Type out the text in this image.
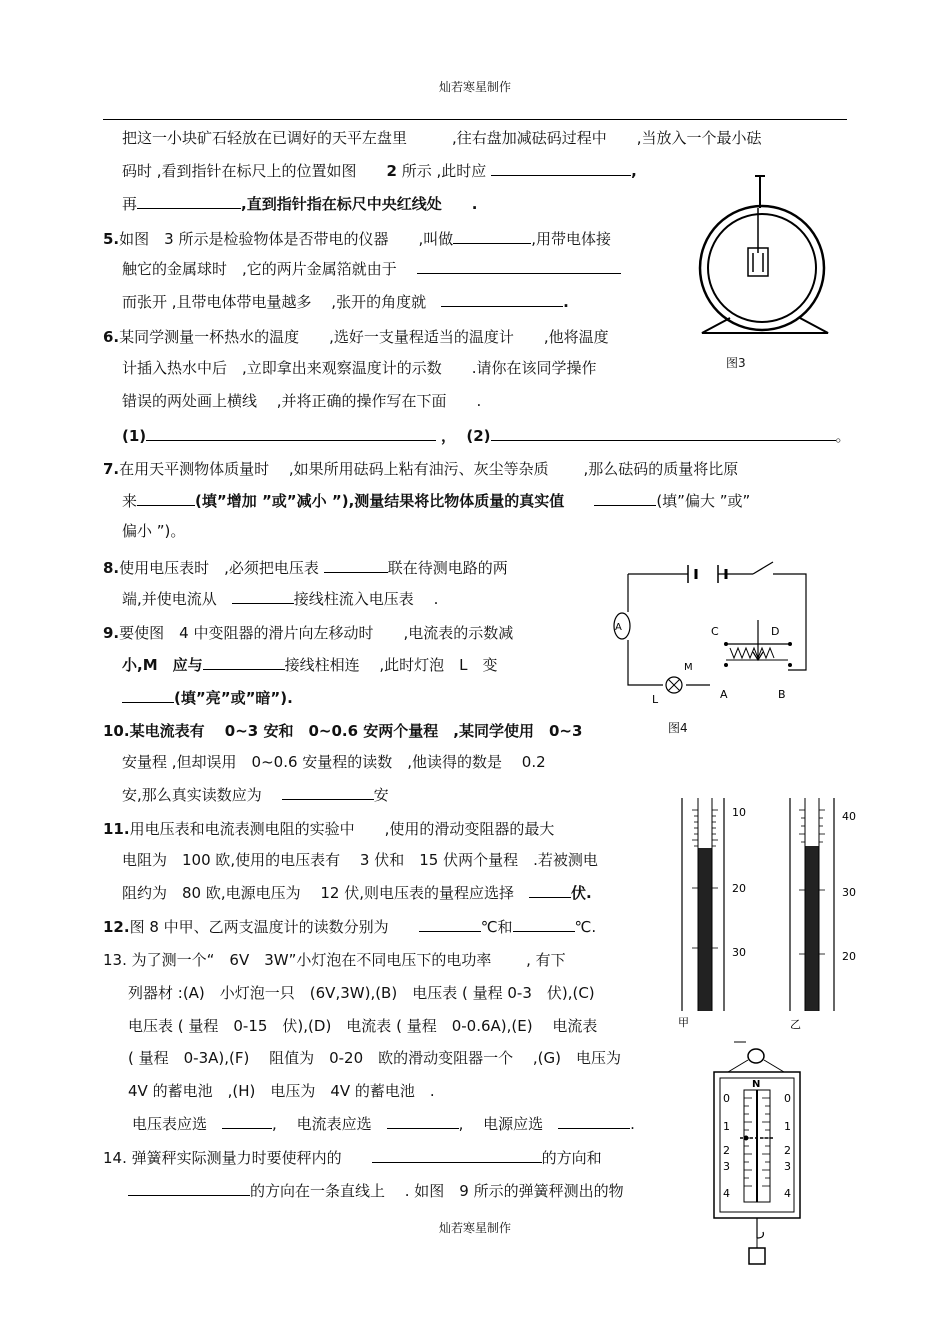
灿若寒星制作
把这一小块矿石轻放在已调好的天平左盘里　　　,往右盘加减砝码过程中　　,当放入一个最小砝
码时 ,看到指针在标尺上的位置如图　　2 所示 ,此时应	,
再	,直到指针指在标尺中央红线处　　.
5.如图　3 所示是检验物体是否带电的仪器　　,叫做	,用带电体接
触它的金属球时　,它的两片金属箔就由于　
而张开 ,且带电体带电量越多　 ,张开的角度就　	.
6.某同学测量一杯热水的温度　　,选好一支量程适当的温度计　　,他将温度
计插入热水中后　,立即拿出来观察温度计的示数　　.请你在该同学操作
错误的两处画上横线　 ,并将正确的操作写在下面　　.
(1)	，  (2)	。
7.在用天平测物体质量时　 ,如果所用砝码上粘有油污、灰尘等杂质　　 ,那么砝码的质量将比原
来	(填”增加 ”或”减小 ”),测量结果将比物体质量的真实值　　	(填”偏大 ”或”
偏小 ”)。
8.使用电压表时　,必须把电压表	联在待测电路的两
端,并使电流从　	接线柱流入电压表　 .
9.要使图　4 中变阻器的滑片向左移动时　　,电流表的示数减
小,M　应与	接线柱相连　 ,此时灯泡　L　变
(填”亮”或”暗”).
10.某电流表有　 0~3 安和　0~0.6 安两个量程　,某同学使用　0~3
安量程 ,但却误用　0~0.6 安量程的读数　,他读得的数是　 0.2
安,那么真实读数应为　	安
11.用电压表和电流表测电阻的实验中　　,使用的滑动变阻器的最大
电阻为　100 欧,使用的电压表有　 3 伏和　15 伏两个量程　.若被测电
阻约为　80 欧,电源电压为　 12 伏,则电压表的量程应选择　	伏.
12.图 8 中甲、乙两支温度计的读数分别为　　	℃和	℃.
13. 为了测一个“　6V　3W”小灯泡在不同电压下的电功率　　 , 有下
列器材 :(A)　小灯泡一只　(6V,3W),(B)　电压表 ( 量程 0-3　伏),(C)
电压表 ( 量程　0-15　伏),(D)　电流表 ( 量程　0-0.6A),(E)　 电流表
( 量程　0-3A),(F)　 阻值为　0-20　欧的滑动变阻器一个　 ,(G)　电压为
4V 的蓄电池　,(H)　电压为　4V 的蓄电池　.
电压表应选　	,　 电流表应选　	,　 电源应选　	.
14. 弹簧秤实际测量力时要使秤内的　　	的方向和
的方向在一条直线上　 . 如图　9 所示的弹簧秤测出的物
灿若寒星制作
图3
A	C	D
M
L	A	B
图4
10
20
30
甲
40
30
20
乙
N
0
1
2
3
4
0
1
2
3
4
